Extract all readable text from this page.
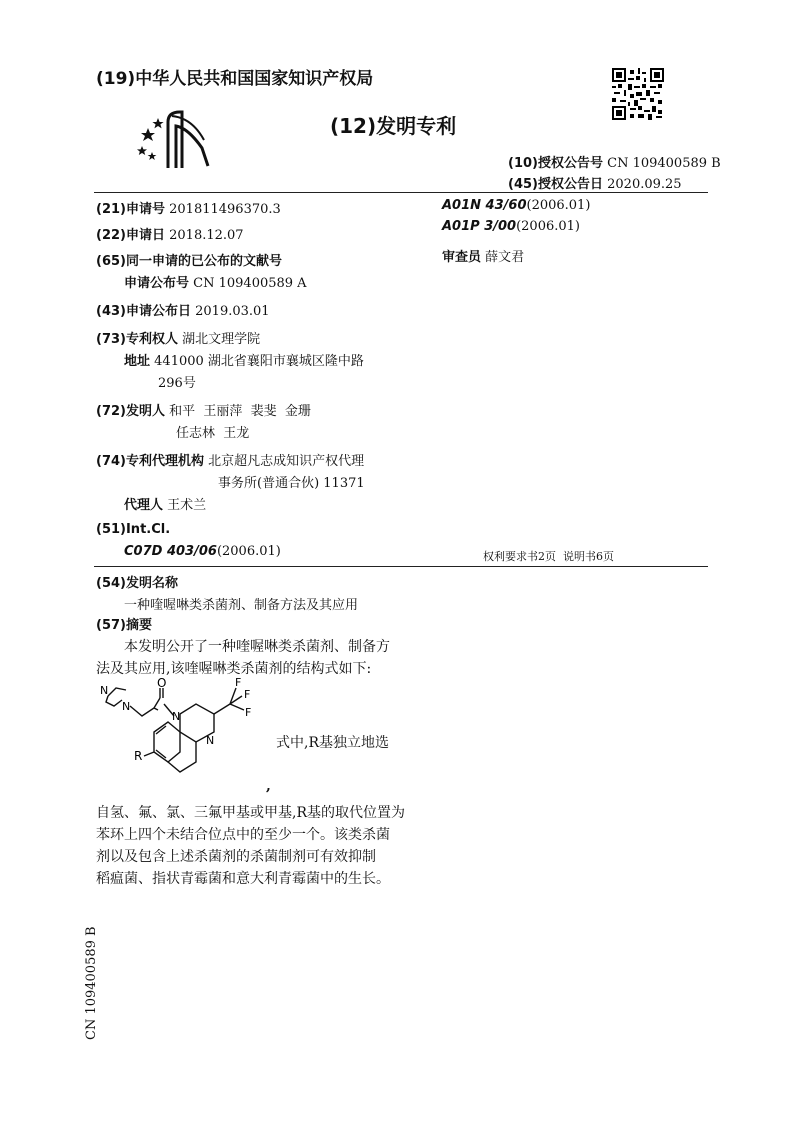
(19)中华人民共和国国家知识产权局
(12)发明专利
(10)授权公告号 CN 109400589 B
(45)授权公告日 2020.09.25
(21)申请号 201811496370.3
(22)申请日 2018.12.07
(65)同一申请的已公布的文献号
申请公布号 CN 109400589 A
(43)申请公布日 2019.03.01
(73)专利权人 湖北文理学院
地址 441000 湖北省襄阳市襄城区隆中路
296号
(72)发明人 和平  王丽萍  裴斐  金珊
任志林  王龙
(74)专利代理机构 北京超凡志成知识产权代理
事务所(普通合伙) 11371
代理人 王术兰
(51)Int.Cl.
C07D 403/06(2006.01)
A01N 43/60(2006.01)
A01P 3/00(2006.01)
审查员 薛文君
权利要求书2页  说明书6页
(54)发明名称
一种喹喔啉类杀菌剂、制备方法及其应用
(57)摘要
本发明公开了一种喹喔啉类杀菌剂、制备方
法及其应用,该喹喔啉类杀菌剂的结构式如下:
N
N
O
N
N
F
F
F
R
式中,R基独立地选
,
自氢、氟、氯、三氟甲基或甲基,R基的取代位置为
苯环上四个未结合位点中的至少一个。该类杀菌
剂以及包含上述杀菌剂的杀菌制剂可有效抑制
稻瘟菌、指状青霉菌和意大利青霉菌中的生长。
CN 109400589 B
